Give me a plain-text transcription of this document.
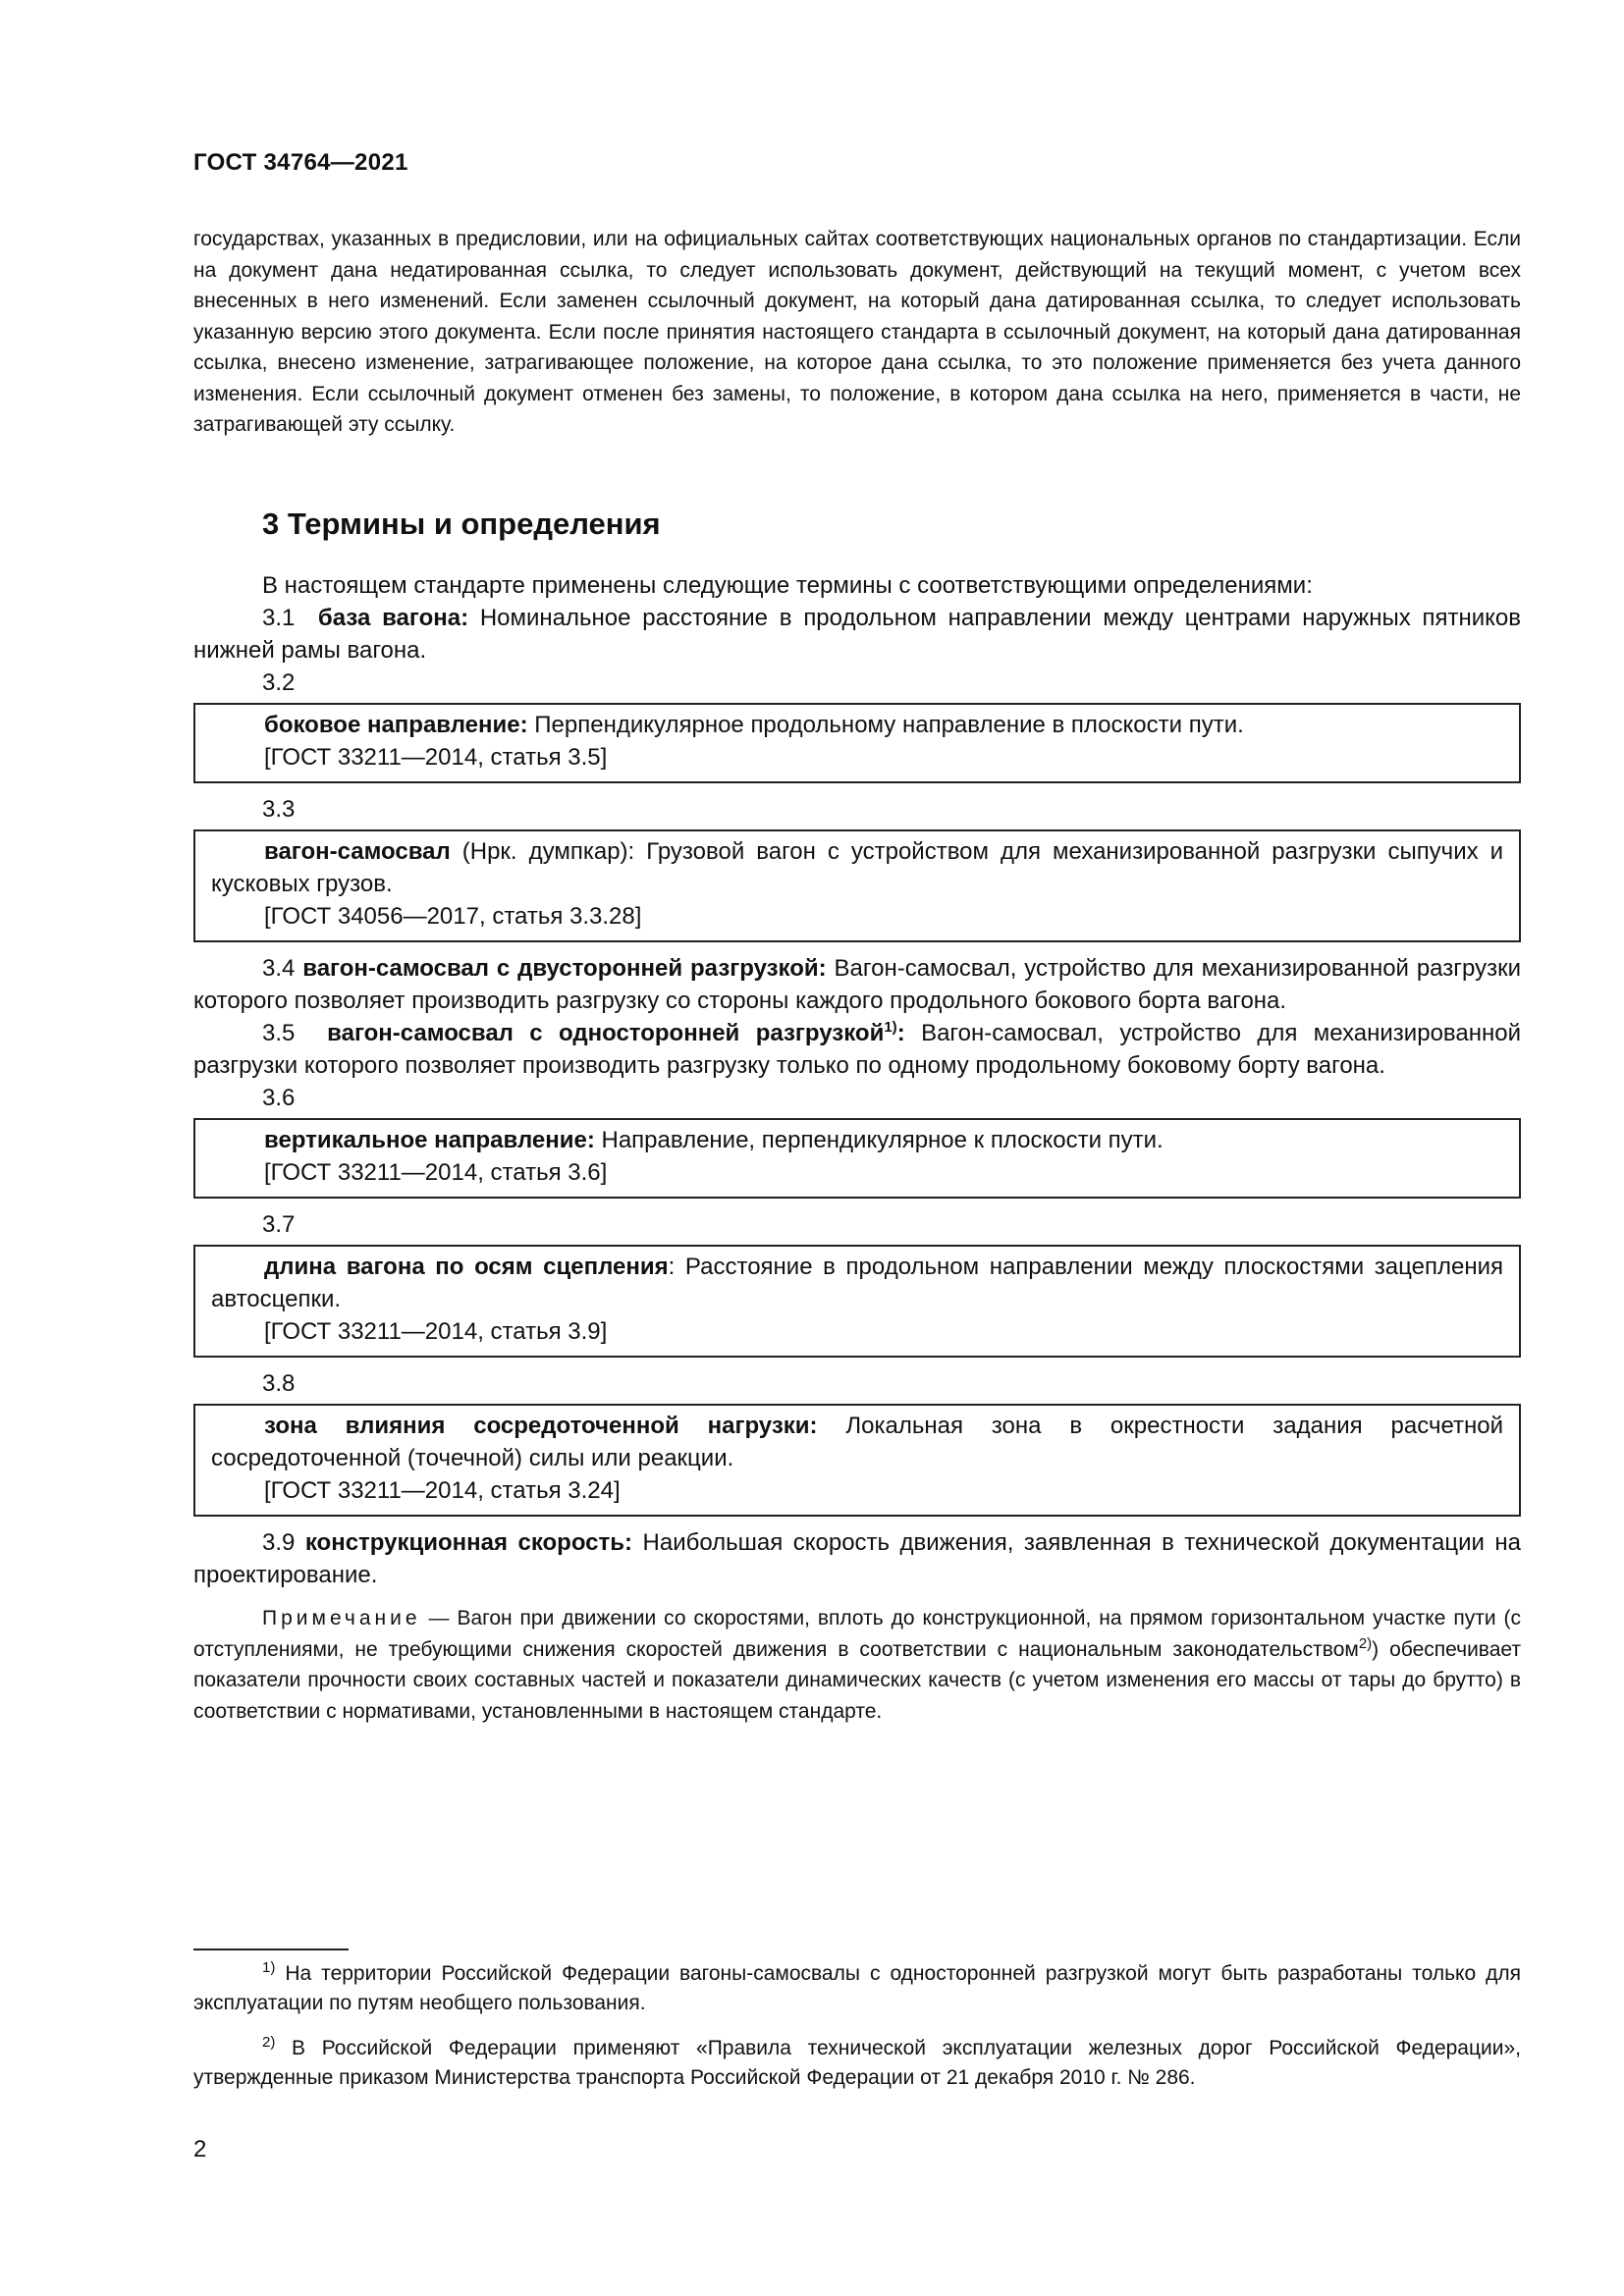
ГОСТ 34764—2021
государствах, указанных в предисловии, или на официальных сайтах соответствующих национальных органов по стандартизации. Если на документ дана недатированная ссылка, то следует использовать документ, действующий на текущий момент, с учетом всех внесенных в него изменений. Если заменен ссылочный документ, на который дана датированная ссылка, то следует использовать указанную версию этого документа. Если после принятия настоящего стандарта в ссылочный документ, на который дана датированная ссылка, внесено изменение, затрагивающее положение, на которое дана ссылка, то это положение применяется без учета данного изменения. Если ссылочный документ отменен без замены, то положение, в котором дана ссылка на него, применяется в части, не затрагивающей эту ссылку.
3 Термины и определения

В настоящем стандарте применены следующие термины с соответствующими определениями:

3.1 база вагона: Номинальное расстояние в продольном направлении между центрами наружных пятников нижней рамы вагона.

3.2

боковое направление: Перпендикулярное продольному направление в плоскости пути.

[ГОСТ 33211—2014, статья 3.5]

3.3

вагон-самосвал (Нрк. думпкар): Грузовой вагон с устройством для механизированной разгрузки сыпучих и кусковых грузов.

[ГОСТ 34056—2017, статья 3.3.28]

3.4 вагон-самосвал с двусторонней разгрузкой: Вагон-самосвал, устройство для механизированной разгрузки которого позволяет производить разгрузку со стороны каждого продольного бокового борта вагона.

3.5 вагон-самосвал с односторонней разгрузкой$^{1)}$: Вагон-самосвал, устройство для механизированной разгрузки которого позволяет производить разгрузку только по одному продольному боковому борту вагона.

3.6

вертикальное направление: Направление, перпендикулярное к плоскости пути.

[ГОСТ 33211—2014, статья 3.6]

3.7

длина вагона по осям сцепления: Расстояние в продольном направлении между плоскостями зацепления автосцепки.

[ГОСТ 33211—2014, статья 3.9]

3.8

зона влияния сосредоточенной нагрузки: Локальная зона в окрестности задания расчетной сосредоточенной (точечной) силы или реакции.

[ГОСТ 33211—2014, статья 3.24]

3.9 конструкционная скорость: Наибольшая скорость движения, заявленная в технической документации на проектирование.

Примечание — Вагон при движении со скоростями, вплоть до конструкционной, на прямом горизонтальном участке пути (с отступлениями, не требующими снижения скоростей движения в соответствии с национальным законодательством$^{2)}$) обеспечивает показатели прочности своих составных частей и показатели динамических качеств (с учетом изменения его массы от тары до брутто) в соответствии с нормативами, установленными в настоящем стандарте.

$^{1)}$ На территории Российской Федерации вагоны-самосвалы с односторонней разгрузкой могут быть разработаны только для эксплуатации по путям необщего пользования.

$^{2)}$ В Российской Федерации применяют «Правила технической эксплуатации железных дорог Российской Федерации», утвержденные приказом Министерства транспорта Российской Федерации от 21 декабря 2010 г. № 286.

2
